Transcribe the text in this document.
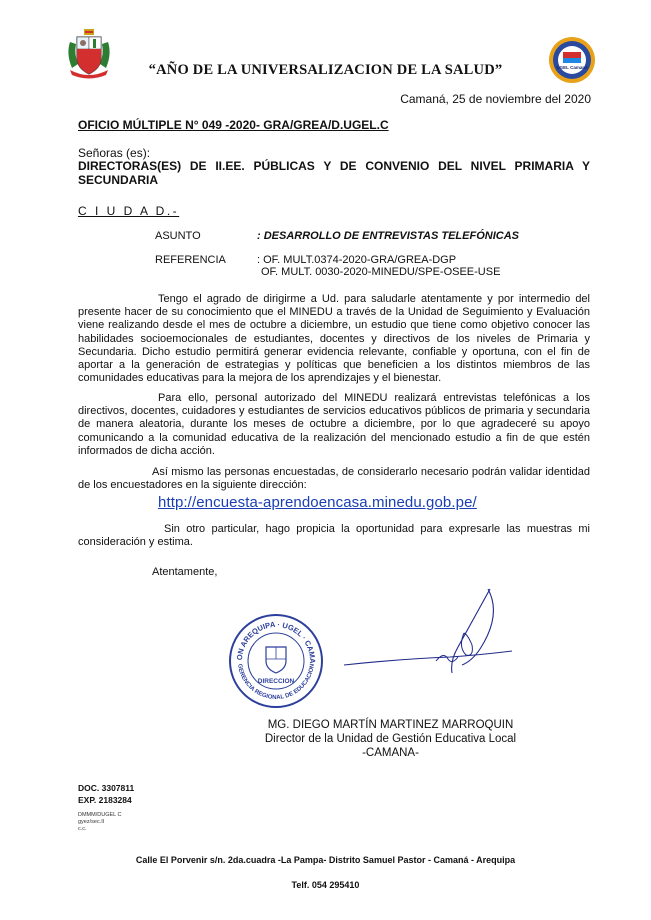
“AÑO DE LA UNIVERSALIZACION DE LA SALUD”	UGEL Camaná
Camaná, 25 de noviembre del 2020
OFICIO MÚLTIPLE N° 049 -2020- GRA/GREA/D.UGEL.C
Señoras (es):
DIRECTORAS(ES) DE II.EE. PÚBLICAS Y DE CONVENIO DEL NIVEL PRIMARIA Y SECUNDARIA
C I U D A D.-
ASUNTO	: DESARROLLO DE ENTREVISTAS TELEFÓNICAS
REFERENCIA	: OF. MULT.0374-2020-GRA/GREA-DGP
OF. MULT. 0030-2020-MINEDU/SPE-OSEE-USE
Tengo el agrado de dirigirme a Ud. para saludarle atentamente y por intermedio del presente hacer de su conocimiento que el MINEDU a través de la Unidad de Seguimiento y Evaluación viene realizando desde el mes de octubre a diciembre, un estudio que tiene como objetivo conocer las habilidades socioemocionales de estudiantes, docentes y directivos de los niveles de Primaria y Secundaria. Dicho estudio permitirá generar evidencia relevante, confiable y oportuna, con el fin de aportar a la generación de estrategias y políticas que beneficien a los distintos miembros de las comunidades educativas para la mejora de los aprendizajes y el bienestar.
Para ello, personal autorizado del MINEDU realizará entrevistas telefónicas a los directivos, docentes, cuidadores y estudiantes de servicios educativos públicos de primaria y secundaria de manera aleatoria, durante los meses de octubre a diciembre, por lo que agradeceré su apoyo comunicando a la comunidad educativa de la realización del mencionado estudio a fin de que estén informados de dicha acción.
Así mismo las personas encuestadas, de considerarlo necesario podrán validar identidad de los encuestadores en la siguiente dirección:
http://encuesta-aprendoencasa.minedu.gob.pe/
Sin otro particular, hago propicia la oportunidad para expresarle las muestras mi consideración y estima.
Atentamente,
ON AREQUIPA · UGEL · CAMA
GERENCIA REGIONAL DE EDUCACION
DIRECCION
MG. DIEGO MARTÍN MARTINEZ MARROQUIN
Director de la Unidad de Gestión Educativa Local
-CAMANA-
DOC. 3307811
EXP. 2183284
DMMM/DUGEL C
gyez/sec.II
c.c.
Calle El Porvenir s/n. 2da.cuadra -La Pampa- Distrito Samuel Pastor - Camaná - Arequipa
Telf. 054 295410
